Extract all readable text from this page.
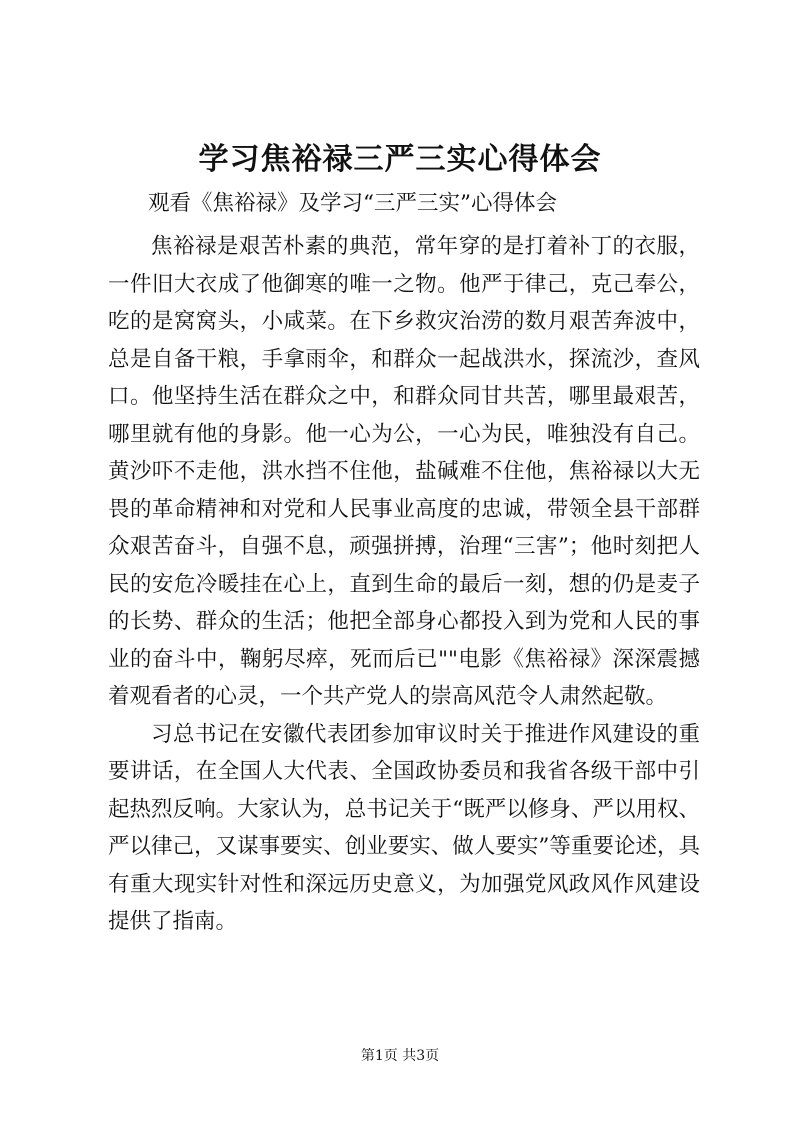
学习焦裕禄三严三实心得体会

观看《焦裕禄》及学习“三严三实”心得体会

焦裕禄是艰苦朴素的典范，常年穿的是打着补丁的衣服，一件旧大衣成了他御寒的唯一之物。他严于律己，克己奉公，吃的是窝窝头，小咸菜。在下乡救灾治涝的数月艰苦奔波中，总是自备干粮，手拿雨伞，和群众一起战洪水，探流沙，查风口。他坚持生活在群众之中，和群众同甘共苦，哪里最艰苦，哪里就有他的身影。他一心为公，一心为民，唯独没有自己。黄沙吓不走他，洪水挡不住他，盐碱难不住他，焦裕禄以大无畏的革命精神和对党和人民事业高度的忠诚，带领全县干部群众艰苦奋斗，自强不息，顽强拼搏，治理“三害”；他时刻把人民的安危冷暖挂在心上，直到生命的最后一刻，想的仍是麦子的长势、群众的生活；他把全部身心都投入到为党和人民的事业的奋斗中，鞠躬尽瘁，死而后已""电影《焦裕禄》深深震撼着观看者的心灵，一个共产党人的崇高风范令人肃然起敬。

习总书记在安徽代表团参加审议时关于推进作风建设的重要讲话，在全国人大代表、全国政协委员和我省各级干部中引起热烈反响。大家认为，总书记关于“既严以修身、严以用权、严以律己，又谋事要实、创业要实、做人要实”等重要论述，具有重大现实针对性和深远历史意义，为加强党风政风作风建设提供了指南。

第1页 共3页
